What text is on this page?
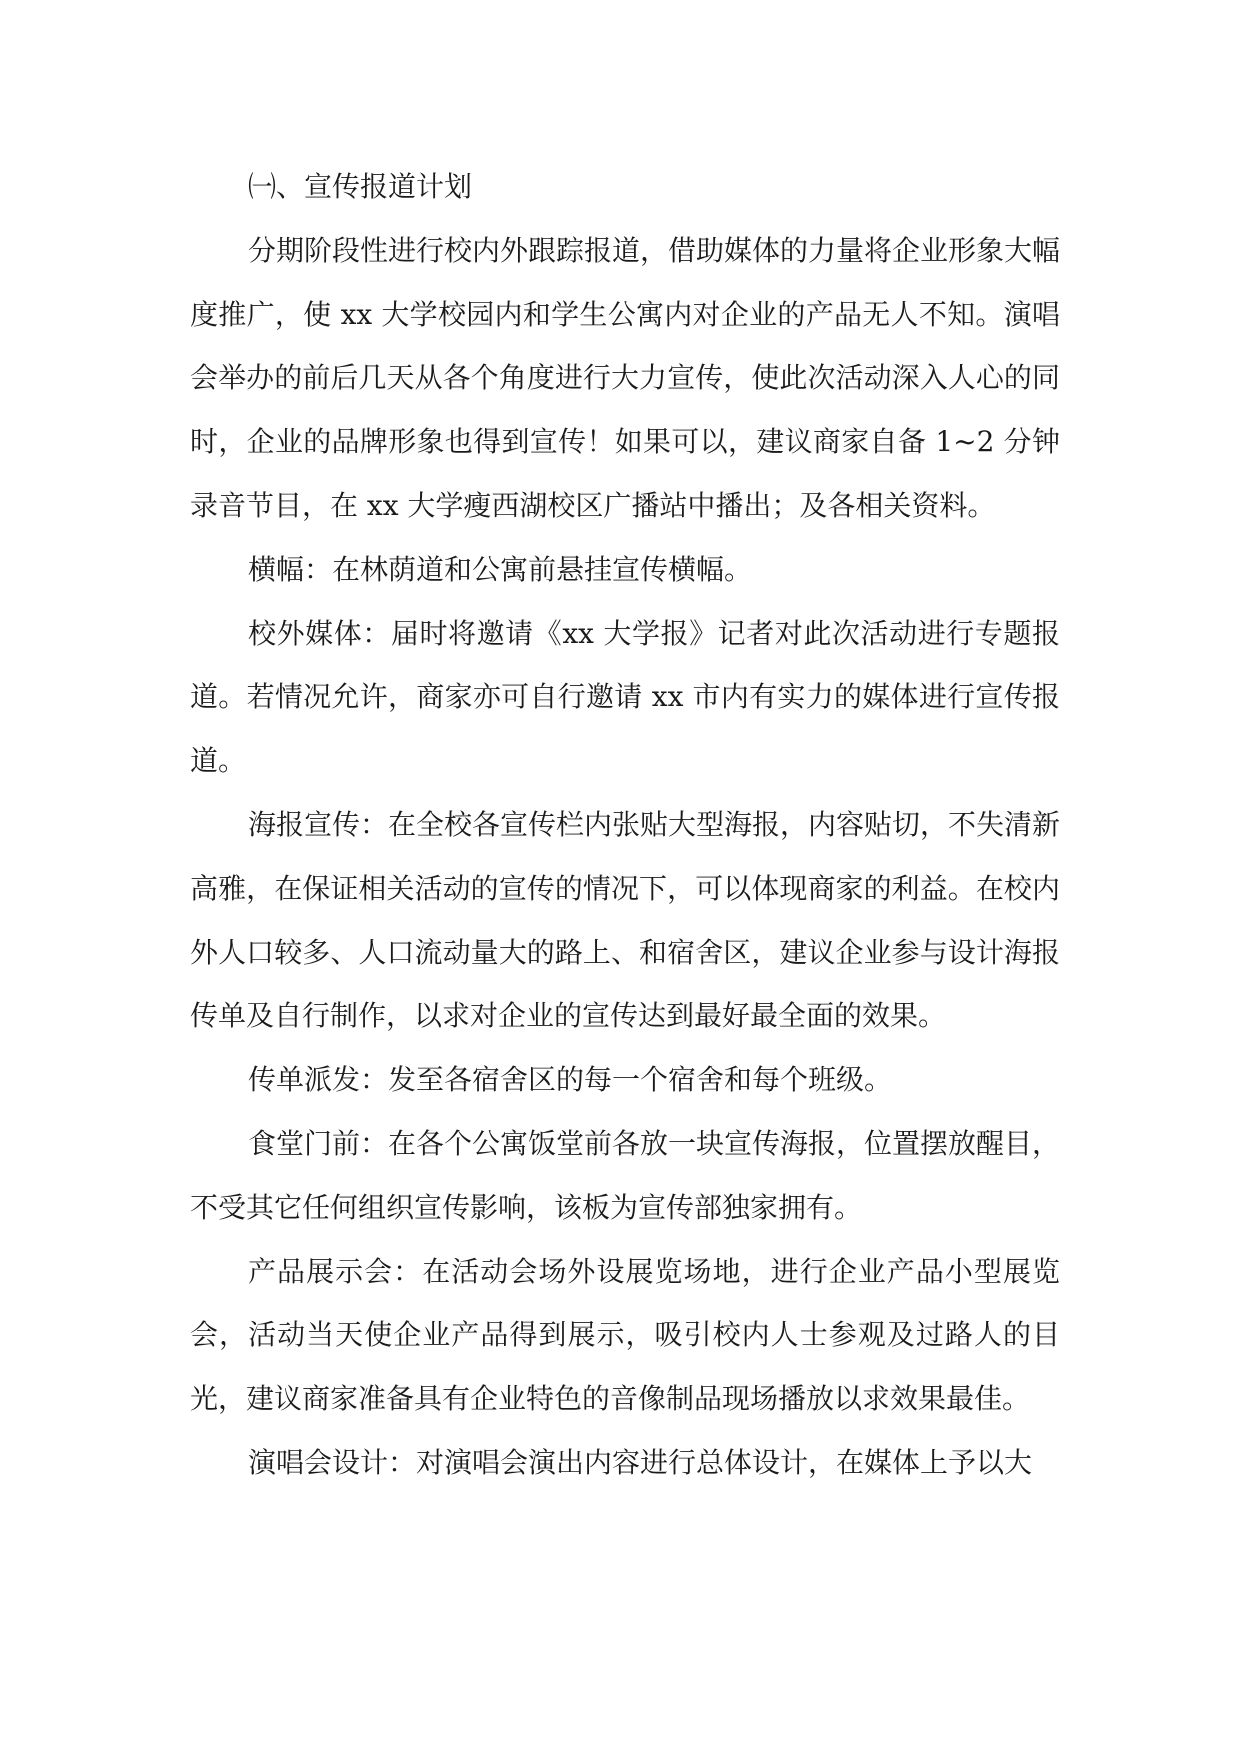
㈠、宣传报道计划

分期阶段性进行校内外跟踪报道，借助媒体的力量将企业形象大幅度推广，使 xx 大学校园内和学生公寓内对企业的产品无人不知。演唱会举办的前后几天从各个角度进行大力宣传，使此次活动深入人心的同时，企业的品牌形象也得到宣传！如果可以，建议商家自备 1~2 分钟录音节目，在 xx 大学瘦西湖校区广播站中播出；及各相关资料。

横幅：在林荫道和公寓前悬挂宣传横幅。

校外媒体：届时将邀请《xx 大学报》记者对此次活动进行专题报道。若情况允许，商家亦可自行邀请 xx 市内有实力的媒体进行宣传报道。

海报宣传：在全校各宣传栏内张贴大型海报，内容贴切，不失清新高雅，在保证相关活动的宣传的情况下，可以体现商家的利益。在校内外人口较多、人口流动量大的路上、和宿舍区，建议企业参与设计海报传单及自行制作，以求对企业的宣传达到最好最全面的效果。

传单派发：发至各宿舍区的每一个宿舍和每个班级。

食堂门前：在各个公寓饭堂前各放一块宣传海报，位置摆放醒目，不受其它任何组织宣传影响，该板为宣传部独家拥有。

产品展示会：在活动会场外设展览场地，进行企业产品小型展览会，活动当天使企业产品得到展示，吸引校内人士参观及过路人的目光，建议商家准备具有企业特色的音像制品现场播放以求效果最佳。

演唱会设计：对演唱会演出内容进行总体设计，在媒体上予以大
